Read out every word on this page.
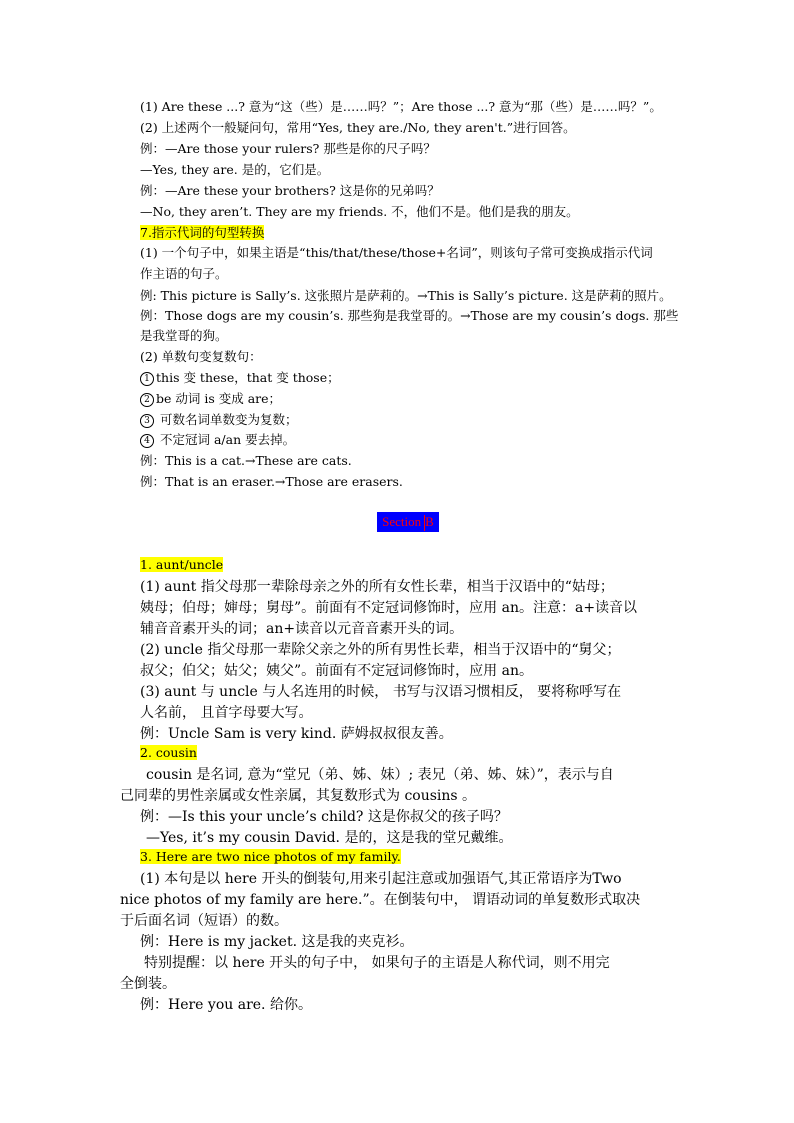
(1) Are these ...? 意为“这（些）是……吗？”；Are those ...? 意为“那（些）是……吗？”。
(2) 上述两个一般疑问句，常用“Yes, they are./No, they aren't.”进行回答。
例：—Are those your rulers? 那些是你的尺子吗？
—Yes, they are. 是的，它们是。
例：—Are these your brothers? 这是你的兄弟吗？
—No, they aren’t. They are my friends. 不，他们不是。他们是我的朋友。
7.指示代词的句型转换
(1) 一个句子中，如果主语是“this/that/these/those+名词”，则该句子常可变换成指示代词
作主语的句子。
例: This picture is Sally’s. 这张照片是萨莉的。→This is Sally’s picture. 这是萨莉的照片。
例：Those dogs are my cousin’s. 那些狗是我堂哥的。→Those are my cousin’s dogs. 那些
是我堂哥的狗。
(2) 单数句变复数句：
1 this 变 these，that 变 those；
2 be 动词 is 变成 are；
3 可数名词单数变为复数；
4 不定冠词 a/an 要去掉。
例：This is a cat.→These are cats.
例：That is an eraser.→Those are erasers.
Section B
1. aunt/uncle
(1) aunt 指父母那一辈除母亲之外的所有女性长辈，相当于汉语中的“姑母；
姨母；伯母；婶母；舅母”。前面有不定冠词修饰时，应用 an。注意：a+读音以
辅音音素开头的词；an+读音以元音音素开头的词。
(2) uncle 指父母那一辈除父亲之外的所有男性长辈，相当于汉语中的“舅父；
叔父；伯父；姑父；姨父”。前面有不定冠词修饰时，应用 an。
(3) aunt 与 uncle 与人名连用的时候， 书写与汉语习惯相反， 要将称呼写在
人名前， 且首字母要大写。
例：Uncle Sam is very kind. 萨姆叔叔很友善。
2. cousin
cousin 是名词, 意为“堂兄（弟、姊、妹）; 表兄（弟、姊、妹）”，表示与自
己同辈的男性亲属或女性亲属，其复数形式为 cousins 。
例：—Is this your uncle’s child? 这是你叔父的孩子吗？
—Yes, it’s my cousin David. 是的，这是我的堂兄戴维。
3. Here are two nice photos of my family.
(1) 本句是以 here 开头的倒装句,用来引起注意或加强语气,其正常语序为Two
nice photos of my family are here.”。在倒装句中， 谓语动词的单复数形式取决
于后面名词（短语）的数。
例：Here is my jacket. 这是我的夹克衫。
特别提醒：以 here 开头的句子中， 如果句子的主语是人称代词，则不用完
全倒装。
例：Here you are. 给你。
